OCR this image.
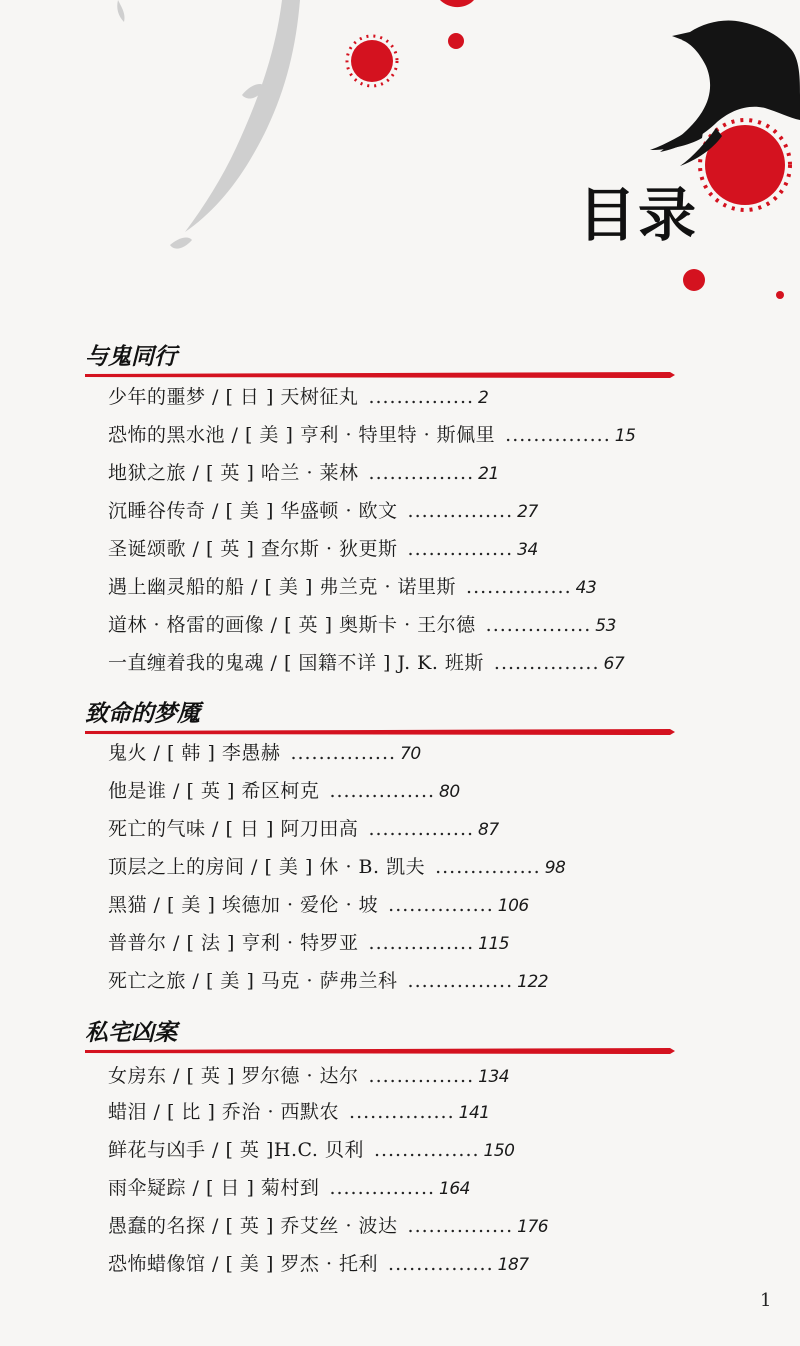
目录
与鬼同行
少年的噩梦 / [ 日 ] 天树征丸 ............... 2
恐怖的黑水池 / [ 美 ] 亨利 · 特里特 · 斯佩里 ............... 15
地狱之旅 / [ 英 ] 哈兰 · 莱林 ............... 21
沉睡谷传奇 / [ 美 ] 华盛顿 · 欧文 ............... 27
圣诞颂歌 / [ 英 ] 查尔斯 · 狄更斯 ............... 34
遇上幽灵船的船 / [ 美 ] 弗兰克 · 诺里斯 ............... 43
道林 · 格雷的画像 / [ 英 ] 奥斯卡 · 王尔德 ............... 53
一直缠着我的鬼魂 / [ 国籍不详 ] J. K. 班斯 ............... 67
致命的梦魇
鬼火 / [ 韩 ] 李愚赫 ............... 70
他是谁 / [ 英 ] 希区柯克 ............... 80
死亡的气味 / [ 日 ] 阿刀田高 ............... 87
顶层之上的房间 / [ 美 ] 休 · B. 凯夫 ............... 98
黑猫 / [ 美 ] 埃德加 · 爱伦 · 坡 ............... 106
普普尔 / [ 法 ] 亨利 · 特罗亚 ............... 115
死亡之旅 / [ 美 ] 马克 · 萨弗兰科 ............... 122
私宅凶案
女房东 / [ 英 ] 罗尔德 · 达尔 ............... 134
蜡泪 / [ 比 ] 乔治 · 西默农 ............... 141
鲜花与凶手 / [ 英 ]H.C. 贝利 ............... 150
雨伞疑踪 / [ 日 ] 菊村到 ............... 164
愚蠢的名探 / [ 英 ] 乔艾丝 · 波达 ............... 176
恐怖蜡像馆 / [ 美 ] 罗杰 · 托利 ............... 187
1
